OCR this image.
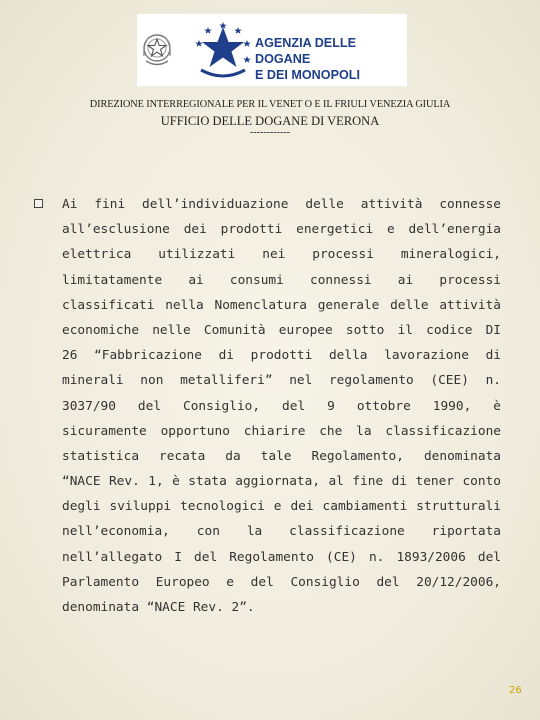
AGENZIA DELLE DOGANE
E DEI MONOPOLI
DIREZIONE INTERREGIONALE PER IL VENET O E IL FRIULI VENEZIA GIULIA
UFFICIO DELLE DOGANE DI VERONA
------------
Ai fini dell’individuazione delle attività connesse
all’esclusione dei prodotti energetici e dell’energia
elettrica utilizzati nei processi mineralogici,
limitatamente ai consumi connessi ai processi
classificati nella Nomenclatura generale delle attività
economiche nelle Comunità europee sotto il codice DI
26 “Fabbricazione di prodotti della lavorazione di
minerali non metalliferi” nel regolamento (CEE) n.
3037/90 del Consiglio, del 9 ottobre 1990, è
sicuramente opportuno chiarire che la classificazione
statistica recata da tale Regolamento, denominata
“NACE Rev. 1, è stata aggiornata, al fine di tener conto
degli sviluppi tecnologici e dei cambiamenti strutturali
nell’economia, con la classificazione riportata
nell’allegato I del Regolamento (CE) n. 1893/2006 del
Parlamento Europeo e del Consiglio del 20/12/2006,
denominata “NACE Rev. 2”.
26
